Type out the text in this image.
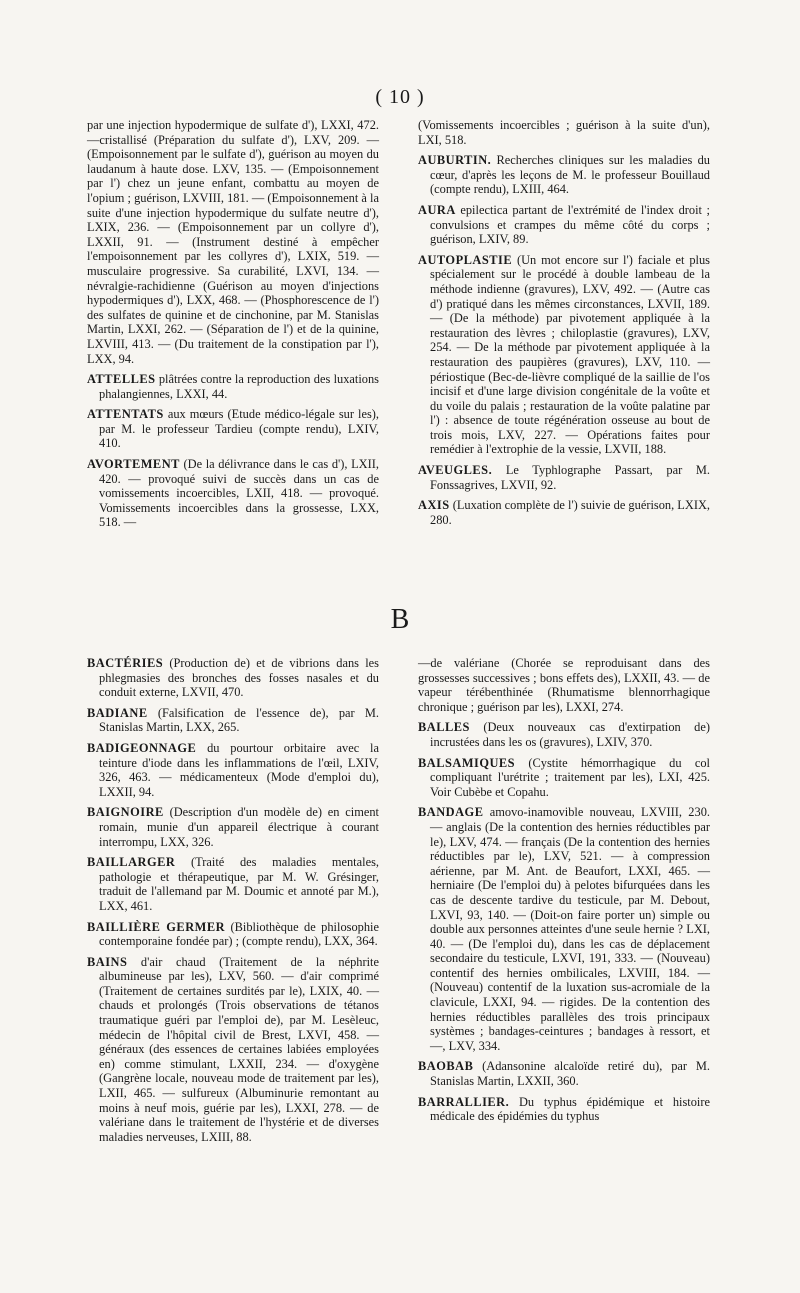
( 10 )

par une injection hypodermique de sulfate d'), LXXI, 472. —cristallisé (Préparation du sulfate d'), LXV, 209. — (Empoisonnement par le sulfate d'), guérison au moyen du laudanum à haute dose. LXV, 135. — (Empoisonnement par l') chez un jeune enfant, combattu au moyen de l'opium ; guérison, LXVIII, 181. — (Empoisonnement à la suite d'une injection hypodermique du sulfate neutre d'), LXIX, 236. — (Empoisonnement par un collyre d'), LXXII, 91. — (Instrument destiné à empêcher l'empoisonnement par les collyres d'), LXIX, 519. — musculaire progressive. Sa curabilité, LXVI, 134. — névralgie-rachidienne (Guérison au moyen d'injections hypodermiques d'), LXX, 468. — (Phosphorescence de l') des sulfates de quinine et de cinchonine, par M. Stanislas Martin, LXXI, 262. — (Séparation de l') et de la quinine, LXVIII, 413. — (Du traitement de la constipation par l'), LXX, 94.

ATTELLES plâtrées contre la reproduction des luxations phalangiennes, LXXI, 44.

ATTENTATS aux mœurs (Etude médico-légale sur les), par M. le professeur Tardieu (compte rendu), LXIV, 410.

AVORTEMENT (De la délivrance dans le cas d'), LXII, 420. — provoqué suivi de succès dans un cas de vomissements incoercibles, LXII, 418. — provoqué. Vomissements incoercibles dans la grossesse, LXX, 518. —

(Vomissements incoercibles ; guérison à la suite d'un), LXI, 518.

AUBURTIN. Recherches cliniques sur les maladies du cœur, d'après les leçons de M. le professeur Bouillaud (compte rendu), LXIII, 464.

AURA epilectica partant de l'extrémité de l'index droit ; convulsions et crampes du même côté du corps ; guérison, LXIV, 89.

AUTOPLASTIE (Un mot encore sur l') faciale et plus spécialement sur le procédé à double lambeau de la méthode indienne (gravures), LXV, 492. — (Autre cas d') pratiqué dans les mêmes circonstances, LXVII, 189. — (De la méthode) par pivotement appliquée à la restauration des lèvres ; chiloplastie (gravures), LXV, 254. — De la méthode par pivotement appliquée à la restauration des paupières (gravures), LXV, 110. — périostique (Bec-de-lièvre compliqué de la saillie de l'os incisif et d'une large division congénitale de la voûte et du voile du palais ; restauration de la voûte palatine par l') : absence de toute régénération osseuse au bout de trois mois, LXV, 227. — Opérations faites pour remédier à l'extrophie de la vessie, LXVII, 188.

AVEUGLES. Le Typhlographe Passart, par M. Fonssagrives, LXVII, 92.

AXIS (Luxation complète de l') suivie de guérison, LXIX, 280.

B

BACTÉRIES (Production de) et de vibrions dans les phlegmasies des bronches des fosses nasales et du conduit externe, LXVII, 470.

BADIANE (Falsification de l'essence de), par M. Stanislas Martin, LXX, 265.

BADIGEONNAGE du pourtour orbitaire avec la teinture d'iode dans les inflammations de l'œil, LXIV, 326, 463. — médicamenteux (Mode d'emploi du), LXXII, 94.

BAIGNOIRE (Description d'un modèle de) en ciment romain, munie d'un appareil électrique à courant interrompu, LXX, 326.

BAILLARGER (Traité des maladies mentales, pathologie et thérapeutique, par M. W. Grésinger, traduit de l'allemand par M. Doumic et annoté par M.), LXX, 461.

BAILLIÈRE GERMER (Bibliothèque de philosophie contemporaine fondée par) ; (compte rendu), LXX, 364.

BAINS d'air chaud (Traitement de la néphrite albumineuse par les), LXV, 560. — d'air comprimé (Traitement de certaines surdités par le), LXIX, 40. — chauds et prolongés (Trois observations de tétanos traumatique guéri par l'emploi de), par M. Lesèleuc, médecin de l'hôpital civil de Brest, LXVI, 458. — généraux (des essences de certaines labiées employées en) comme stimulant, LXXII, 234. — d'oxygène (Gangrène locale, nouveau mode de traitement par les), LXII, 465. — sulfureux (Albuminurie remontant au moins à neuf mois, guérie par les), LXXI, 278. — de valériane dans le traitement de l'hystérie et de diverses maladies nerveuses, LXIII, 88.

—de valériane (Chorée se reproduisant dans des grossesses successives ; bons effets des), LXXII, 43. — de vapeur térébenthinée (Rhumatisme blennorrhagique chronique ; guérison par les), LXXI, 274.

BALLES (Deux nouveaux cas d'extirpation de) incrustées dans les os (gravures), LXIV, 370.

BALSAMIQUES (Cystite hémorrhagique du col compliquant l'urétrite ; traitement par les), LXI, 425. Voir Cubèbe et Copahu.

BANDAGE amovo-inamovible nouveau, LXVIII, 230. — anglais (De la contention des hernies réductibles par le), LXV, 474. — français (De la contention des hernies réductibles par le), LXV, 521. — à compression aérienne, par M. Ant. de Beaufort, LXXI, 465. — herniaire (De l'emploi du) à pelotes bifurquées dans les cas de descente tardive du testicule, par M. Debout, LXVI, 93, 140. — (Doit-on faire porter un) simple ou double aux personnes atteintes d'une seule hernie ? LXI, 40. — (De l'emploi du), dans les cas de déplacement secondaire du testicule, LXVI, 191, 333. — (Nouveau) contentif des hernies ombilicales, LXVIII, 184. — (Nouveau) contentif de la luxation sus-acromiale de la clavicule, LXXI, 94. — rigides. De la contention des hernies réductibles parallèles des trois principaux systèmes ; bandages-ceintures ; bandages à ressort, et —, LXV, 334.

BAOBAB (Adansonine alcaloïde retiré du), par M. Stanislas Martin, LXXII, 360.

BARRALLIER. Du typhus épidémique et histoire médicale des épidémies du typhus
